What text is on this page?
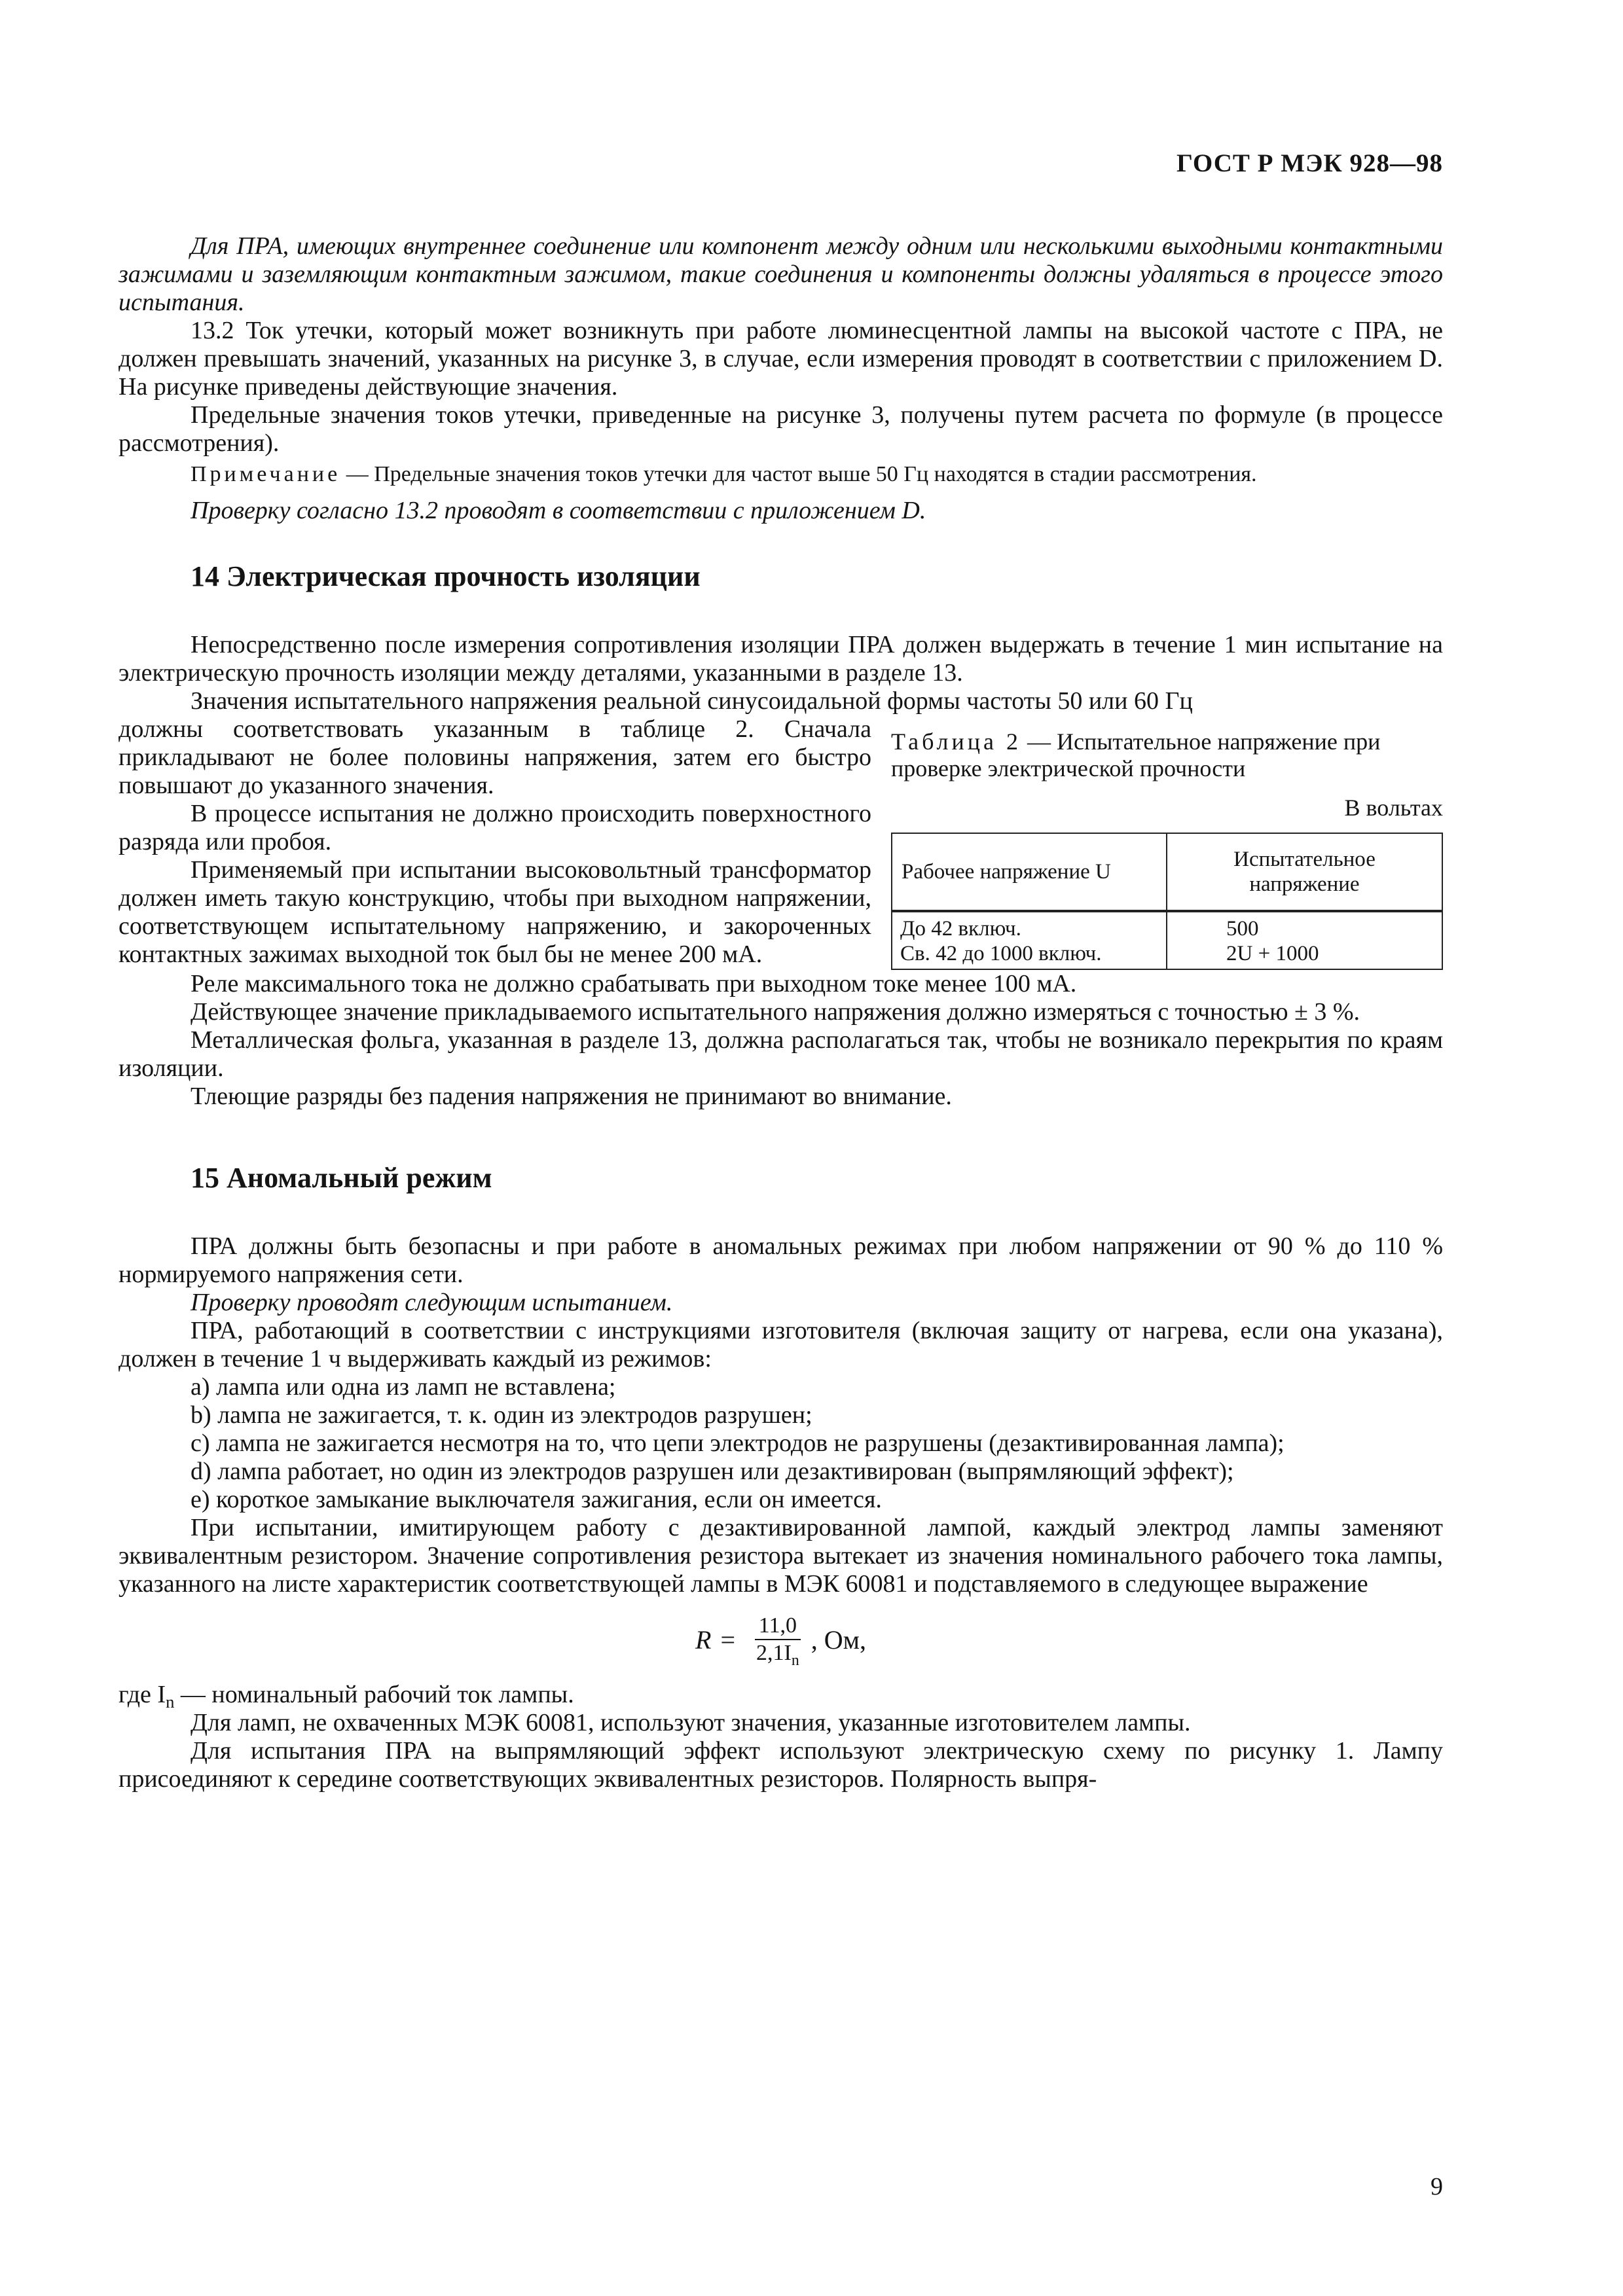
ГОСТ Р МЭК 928—98

Для ПРА, имеющих внутреннее соединение или компонент между одним или несколькими выходными контактными зажимами и заземляющим контактным зажимом, такие соединения и компоненты должны удаляться в процессе этого испытания.

13.2 Ток утечки, который может возникнуть при работе люминесцентной лампы на высокой частоте с ПРА, не должен превышать значений, указанных на рисунке 3, в случае, если измерения проводят в соответствии с приложением D. На рисунке приведены действующие значения.

Предельные значения токов утечки, приведенные на рисунке 3, получены путем расчета по формуле (в процессе рассмотрения).

Примечание — Предельные значения токов утечки для частот выше 50 Гц находятся в стадии рассмотрения.

Проверку согласно 13.2 проводят в соответствии с приложением D.

14 Электрическая прочность изоляции

Непосредственно после измерения сопротивления изоляции ПРА должен выдержать в течение 1 мин испытание на электрическую прочность изоляции между деталями, указанными в разделе 13.

Значения испытательного напряжения реальной синусоидальной формы частоты 50 или 60 Гц

должны соответствовать указанным в таблице 2. Сначала прикладывают не более половины напряжения, затем его быстро повышают до указанного значения.

В процессе испытания не должно происходить поверхностного разряда или пробоя.

Применяемый при испытании высоковольтный трансформатор должен иметь такую конструкцию, чтобы при выходном напряжении, соответствующем испытательному напряжению, и закороченных контактных зажимах выходной ток был бы не менее 200 мА.

Таблица 2 — Испытательное напряжение при проверке электрической прочности
В вольтах
Рабочее напряжение U	Испытательное напряжение
До 42 включ.	500
Св. 42 до 1000 включ.	2U + 1000

Реле максимального тока не должно срабатывать при выходном токе менее 100 мА.

Действующее значение прикладываемого испытательного напряжения должно измеряться с точностью ± 3 %.

Металлическая фольга, указанная в разделе 13, должна располагаться так, чтобы не возникало перекрытия по краям изоляции.

Тлеющие разряды без падения напряжения не принимают во внимание.

15 Аномальный режим

ПРА должны быть безопасны и при работе в аномальных режимах при любом напряжении от 90 % до 110 % нормируемого напряжения сети.

Проверку проводят следующим испытанием.

ПРА, работающий в соответствии с инструкциями изготовителя (включая защиту от нагрева, если она указана), должен в течение 1 ч выдерживать каждый из режимов:

a) лампа или одна из ламп не вставлена;

b) лампа не зажигается, т. к. один из электродов разрушен;

c) лампа не зажигается несмотря на то, что цепи электродов не разрушены (дезактивированная лампа);

d) лампа работает, но один из электродов разрушен или дезактивирован (выпрямляющий эффект);

e) короткое замыкание выключателя зажигания, если он имеется.

При испытании, имитирующем работу с дезактивированной лампой, каждый электрод лампы заменяют эквивалентным резистором. Значение сопротивления резистора вытекает из значения номинального рабочего тока лампы, указанного на листе характеристик соответствующей лампы в МЭК 60081 и подставляемого в следующее выражение

$R = \frac{11,0}{2,1I_n}$ , Ом,

где $I_n$ — номинальный рабочий ток лампы.

Для ламп, не охваченных МЭК 60081, используют значения, указанные изготовителем лампы.

Для испытания ПРА на выпрямляющий эффект используют электрическую схему по рисунку 1. Лампу присоединяют к середине соответствующих эквивалентных резисторов. Полярность выпря-

9
